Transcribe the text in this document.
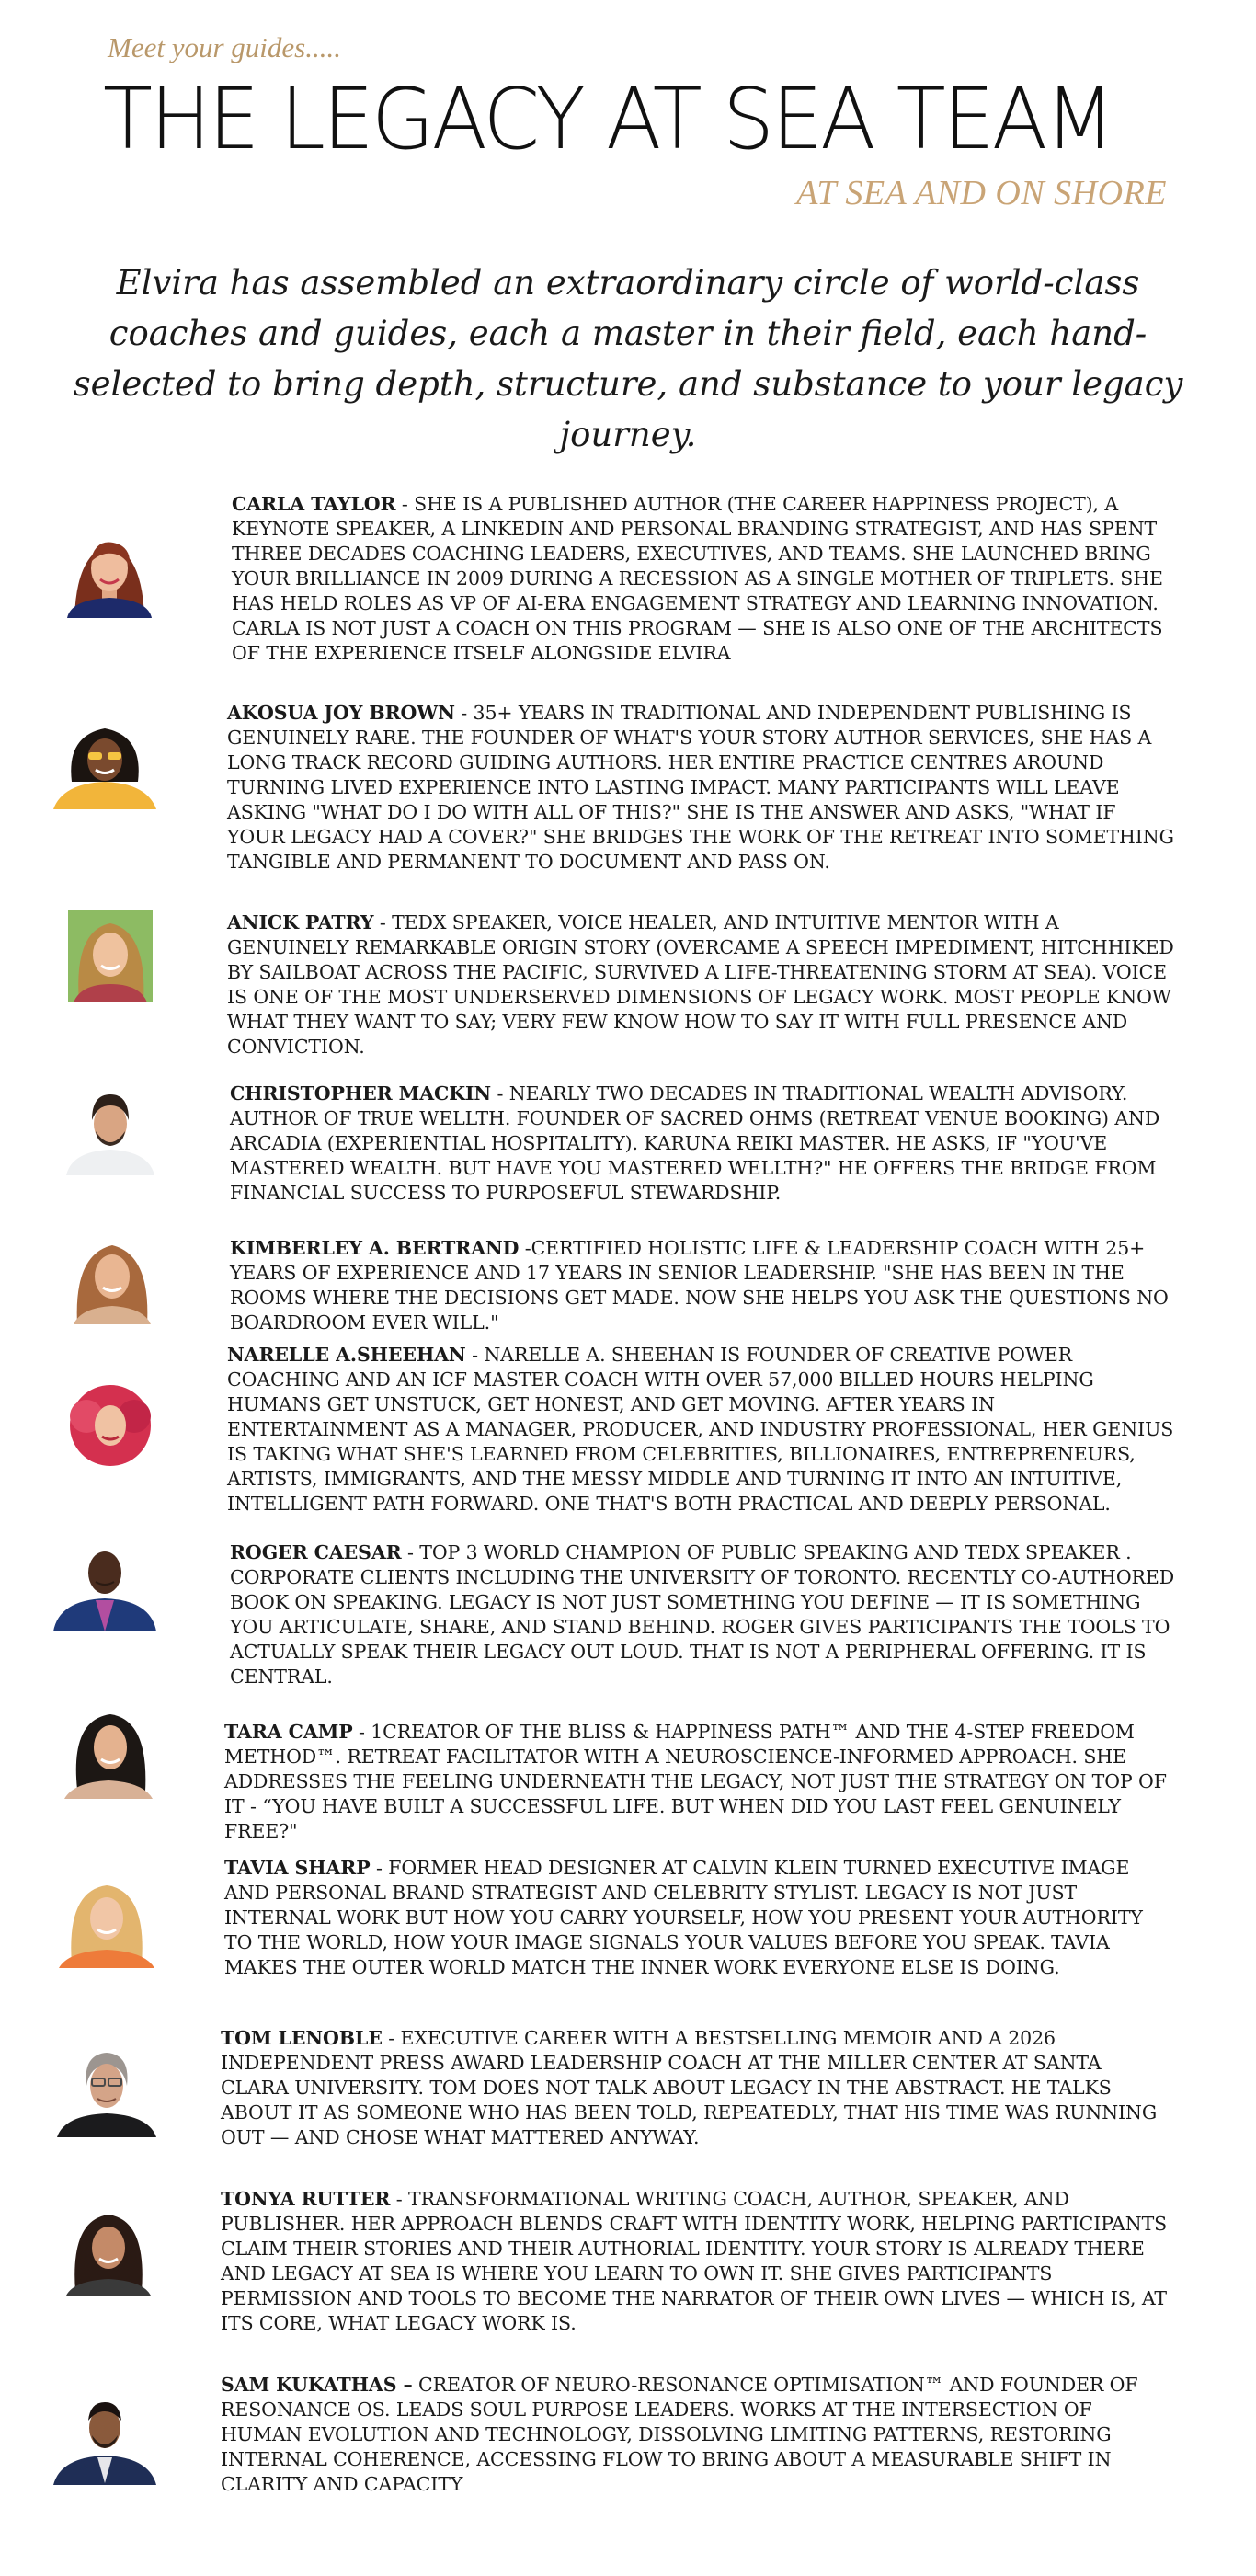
Meet your guides.....

THE LEGACY AT SEA TEAM

AT SEA AND ON SHORE

Elvira has assembled an extraordinary circle of world-class coaches and guides, each a master in their field, each hand-selected to bring depth, structure, and substance to your legacy journey.

CARLA TAYLOR - SHE IS A PUBLISHED AUTHOR (THE CAREER HAPPINESS PROJECT), A KEYNOTE SPEAKER, A LINKEDIN AND PERSONAL BRANDING STRATEGIST, AND HAS SPENT THREE DECADES COACHING LEADERS, EXECUTIVES, AND TEAMS. SHE LAUNCHED BRING YOUR BRILLIANCE IN 2009 DURING A RECESSION AS A SINGLE MOTHER OF TRIPLETS. SHE HAS HELD ROLES AS VP OF AI-ERA ENGAGEMENT STRATEGY AND LEARNING INNOVATION. CARLA IS NOT JUST A COACH ON THIS PROGRAM — SHE IS ALSO ONE OF THE ARCHITECTS OF THE EXPERIENCE ITSELF ALONGSIDE ELVIRA

AKOSUA JOY BROWN - 35+ YEARS IN TRADITIONAL AND INDEPENDENT PUBLISHING IS GENUINELY RARE. THE FOUNDER OF WHAT'S YOUR STORY AUTHOR SERVICES, SHE HAS A LONG TRACK RECORD GUIDING AUTHORS. HER ENTIRE PRACTICE CENTRES AROUND TURNING LIVED EXPERIENCE INTO LASTING IMPACT. MANY PARTICIPANTS WILL LEAVE ASKING "WHAT DO I DO WITH ALL OF THIS?" SHE IS THE ANSWER AND ASKS, "WHAT IF YOUR LEGACY HAD A COVER?" SHE BRIDGES THE WORK OF THE RETREAT INTO SOMETHING TANGIBLE AND PERMANENT TO DOCUMENT AND PASS ON.

ANICK PATRY - TEDX SPEAKER, VOICE HEALER, AND INTUITIVE MENTOR WITH A GENUINELY REMARKABLE ORIGIN STORY (OVERCAME A SPEECH IMPEDIMENT, HITCHHIKED BY SAILBOAT ACROSS THE PACIFIC, SURVIVED A LIFE-THREATENING STORM AT SEA). VOICE IS ONE OF THE MOST UNDERSERVED DIMENSIONS OF LEGACY WORK. MOST PEOPLE KNOW WHAT THEY WANT TO SAY; VERY FEW KNOW HOW TO SAY IT WITH FULL PRESENCE AND CONVICTION.

CHRISTOPHER MACKIN - NEARLY TWO DECADES IN TRADITIONAL WEALTH ADVISORY. AUTHOR OF TRUE WELLTH. FOUNDER OF SACRED OHMS (RETREAT VENUE BOOKING) AND ARCADIA (EXPERIENTIAL HOSPITALITY). KARUNA REIKI MASTER. HE ASKS, IF "YOU'VE MASTERED WEALTH. BUT HAVE YOU MASTERED WELLTH?" HE OFFERS THE BRIDGE FROM FINANCIAL SUCCESS TO PURPOSEFUL STEWARDSHIP.

KIMBERLEY A. BERTRAND -CERTIFIED HOLISTIC LIFE & LEADERSHIP COACH WITH 25+ YEARS OF EXPERIENCE AND 17 YEARS IN SENIOR LEADERSHIP. "SHE HAS BEEN IN THE ROOMS WHERE THE DECISIONS GET MADE. NOW SHE HELPS YOU ASK THE QUESTIONS NO BOARDROOM EVER WILL."

NARELLE A.SHEEHAN - NARELLE A. SHEEHAN IS FOUNDER OF CREATIVE POWER COACHING AND AN ICF MASTER COACH WITH OVER 57,000 BILLED HOURS HELPING HUMANS GET UNSTUCK, GET HONEST, AND GET MOVING. AFTER YEARS IN ENTERTAINMENT AS A MANAGER, PRODUCER, AND INDUSTRY PROFESSIONAL, HER GENIUS IS TAKING WHAT SHE'S LEARNED FROM CELEBRITIES, BILLIONAIRES, ENTREPRENEURS, ARTISTS, IMMIGRANTS, AND THE MESSY MIDDLE AND TURNING IT INTO AN INTUITIVE, INTELLIGENT PATH FORWARD. ONE THAT'S BOTH PRACTICAL AND DEEPLY PERSONAL.

ROGER CAESAR - TOP 3 WORLD CHAMPION OF PUBLIC SPEAKING AND TEDX SPEAKER . CORPORATE CLIENTS INCLUDING THE UNIVERSITY OF TORONTO. RECENTLY CO-AUTHORED BOOK ON SPEAKING. LEGACY IS NOT JUST SOMETHING YOU DEFINE — IT IS SOMETHING YOU ARTICULATE, SHARE, AND STAND BEHIND. ROGER GIVES PARTICIPANTS THE TOOLS TO ACTUALLY SPEAK THEIR LEGACY OUT LOUD. THAT IS NOT A PERIPHERAL OFFERING. IT IS CENTRAL.

TARA CAMP - 1CREATOR OF THE BLISS & HAPPINESS PATH™ AND THE 4-STEP FREEDOM METHOD™. RETREAT FACILITATOR WITH A NEUROSCIENCE-INFORMED APPROACH. SHE ADDRESSES THE FEELING UNDERNEATH THE LEGACY, NOT JUST THE STRATEGY ON TOP OF IT - “YOU HAVE BUILT A SUCCESSFUL LIFE. BUT WHEN DID YOU LAST FEEL GENUINELY FREE?"

TAVIA SHARP - FORMER HEAD DESIGNER AT CALVIN KLEIN TURNED EXECUTIVE IMAGE AND PERSONAL BRAND STRATEGIST AND CELEBRITY STYLIST. LEGACY IS NOT JUST INTERNAL WORK BUT HOW YOU CARRY YOURSELF, HOW YOU PRESENT YOUR AUTHORITY TO THE WORLD, HOW YOUR IMAGE SIGNALS YOUR VALUES BEFORE YOU SPEAK. TAVIA MAKES THE OUTER WORLD MATCH THE INNER WORK EVERYONE ELSE IS DOING.

TOM LENOBLE - EXECUTIVE CAREER WITH A BESTSELLING MEMOIR AND A 2026 INDEPENDENT PRESS AWARD LEADERSHIP COACH AT THE MILLER CENTER AT SANTA CLARA UNIVERSITY. TOM DOES NOT TALK ABOUT LEGACY IN THE ABSTRACT. HE TALKS ABOUT IT AS SOMEONE WHO HAS BEEN TOLD, REPEATEDLY, THAT HIS TIME WAS RUNNING OUT — AND CHOSE WHAT MATTERED ANYWAY.

TONYA RUTTER - TRANSFORMATIONAL WRITING COACH, AUTHOR, SPEAKER, AND PUBLISHER. HER APPROACH BLENDS CRAFT WITH IDENTITY WORK, HELPING PARTICIPANTS CLAIM THEIR STORIES AND THEIR AUTHORIAL IDENTITY. YOUR STORY IS ALREADY THERE AND LEGACY AT SEA IS WHERE YOU LEARN TO OWN IT. SHE GIVES PARTICIPANTS PERMISSION AND TOOLS TO BECOME THE NARRATOR OF THEIR OWN LIVES — WHICH IS, AT ITS CORE, WHAT LEGACY WORK IS.

SAM KUKATHAS – CREATOR OF NEURO-RESONANCE OPTIMISATION™ AND FOUNDER OF RESONANCE OS. LEADS SOUL PURPOSE LEADERS. WORKS AT THE INTERSECTION OF HUMAN EVOLUTION AND TECHNOLOGY, DISSOLVING LIMITING PATTERNS, RESTORING INTERNAL COHERENCE, ACCESSING FLOW TO BRING ABOUT A MEASURABLE SHIFT IN CLARITY AND CAPACITY
